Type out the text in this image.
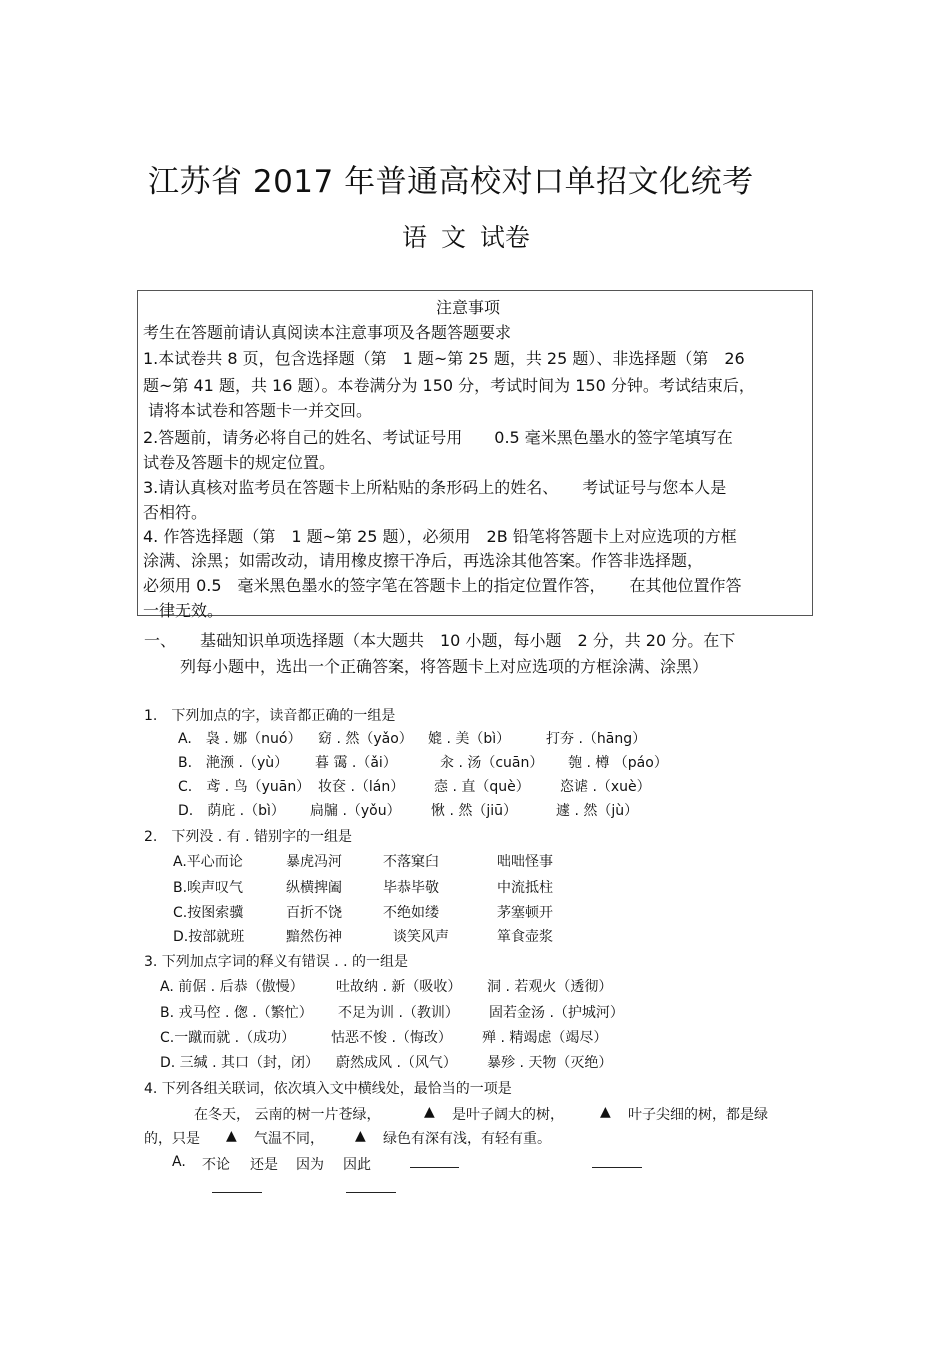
江苏省 2017 年普通高校对口单招文化统考
语 文 试卷
注意事项
考生在答题前请认真阅读本注意事项及各题答题要求
1.本试卷共 8 页，包含选择题（第　1 题~第 25 题，共 25 题）、非选择题（第　26
题~第 41 题，共 16 题）。本卷满分为 150 分，考试时间为 150 分钟。考试结束后，
请将本试卷和答题卡一并交回。
2.答题前，请务必将自己的姓名、考试证号用　　0.5 毫米黑色墨水的签字笔填写在
试卷及答题卡的规定位置。
3.请认真核对监考员在答题卡上所粘贴的条形码上的姓名、　　考试证号与您本人是
否相符。
4. 作答选择题（第　1 题~第 25 题），必须用　2B 铅笔将答题卡上对应选项的方框
涂满、涂黑；如需改动，请用橡皮擦干净后，再选涂其他答案。作答非选择题，
必须用 0.5　毫米黑色墨水的签字笔在答题卡上的指定位置作答，　　在其他位置作答
一律无效。
一、　　基础知识单项选择题（本大题共　10 小题，每小题　2 分，共 20 分。在下
列每小题中，选出一个正确答案，将答题卡上对应选项的方框涂满、涂黑）
1.　下列加点的字，读音都正确的一组是
A.　袅 . 娜（nuó） 窈 . 然（yǎo） 媲 . 美（bì）	打夯 .（hāng）
B.　滟滪 .（yù） 暮 霭 .（ǎi）	汆 . 汤（cuān） 匏 . 樽 （páo）
C.　鸢 . 鸟（yuān） 妆奁 .（lán） 悫 . 直（què） 恣谑 .（xuè）
D.　荫庇 .（bì） 扃牖 .（yǒu） 愀 . 然（jiū）	遽 . 然（jù）
2.　下列没 . 有 . 错别字的一组是
A.平心而论	暴虎冯河	不落窠臼	咄咄怪事
B.唉声叹气	纵横捭阖	毕恭毕敬	中流抵柱
C.按图索骥	百折不饶	不绝如缕	茅塞顿开
D.按部就班	黯然伤神	谈笑风声	箪食壶浆
3. 下列加点字词的释义有错误 . . 的一组是
A. 前倨 . 后恭（傲慢） 吐故纳 . 新（吸收） 洞 . 若观火（透彻）
B. 戎马倥 . 偬 .（繁忙） 不足为训 .（教训） 固若金汤 .（护城河）
C.一蹴而就 .（成功）	怙恶不悛 .（悔改） 殚 . 精竭虑（竭尽）
D. 三缄 . 其口（封，闭） 蔚然成风 .（风气） 暴殄 . 天物（灭绝）
4. 下列各组关联词，依次填入文中横线处，最恰当的一项是
在冬天， 云南的树一片苍绿，	▲ 是叶子阔大的树，	▲ 叶子尖细的树，都是绿
的，只是 ▲ 气温不同， ▲ 绿色有深有浅，有轻有重。
A. 不论 还是 因为 因此
